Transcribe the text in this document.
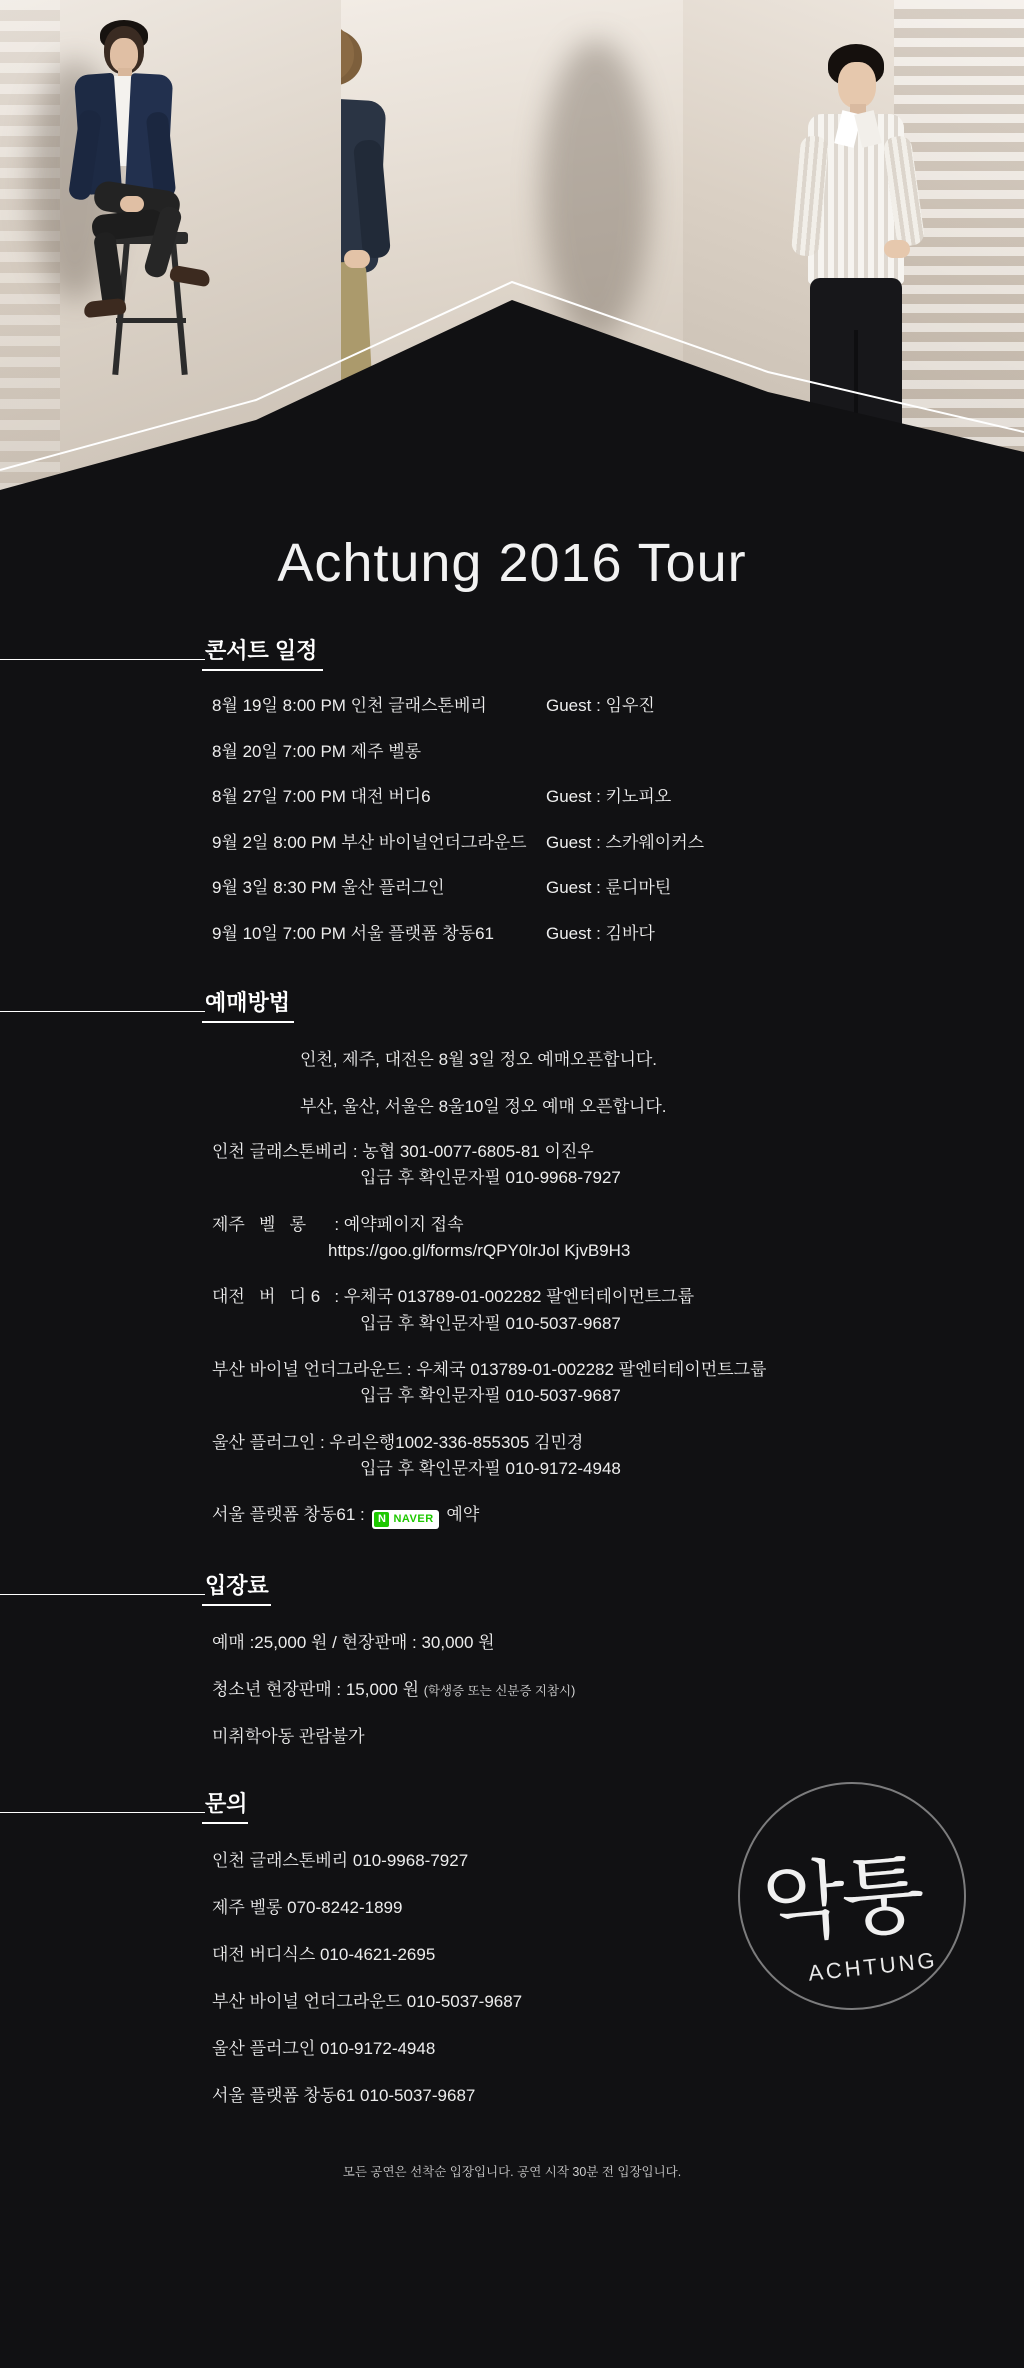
Achtung 2016 Tour
콘서트 일정
8월 19일 8:00 PM 인천 글래스톤베리	Guest : 임우진
8월 20일 7:00 PM 제주 벨롱
8월 27일 7:00 PM 대전 버디6	Guest : 키노피오
9월 2일 8:00 PM 부산 바이널언더그라운드	Guest : 스카웨이커스
9월 3일 8:30 PM 울산 플러그인	Guest : 룬디마틴
9월 10일 7:00 PM 서울 플랫폼 창동61	Guest : 김바다
예매방법
인천, 제주, 대전은 8월 3일 정오 예매오픈합니다.
부산, 울산, 서울은 8울10일 정오 예매 오픈합니다.
인천 글래스톤베리 : 농협 301-0077-6805-81 이진우
입금 후 확인문자필 010-9968-7927
제주   벨   롱      : 예약페이지 접속
https://goo.gl/forms/rQPY0lrJol KjvB9H3
대전   버   디 6   : 우체국 013789-01-002282 팔엔터테이먼트그룹
입금 후 확인문자필 010-5037-9687
부산 바이널 언더그라운드 : 우체국 013789-01-002282 팔엔터테이먼트그룹
입금 후 확인문자필 010-5037-9687
울산 플러그인 : 우리은행1002-336-855305 김민경
입금 후 확인문자필 010-9172-4948
서울 플랫폼 창동61 : N NAVER 예약
입장료
예매 :25,000 원 / 현장판매 : 30,000 원
청소년 현장판매 : 15,000 원 (학생증 또는 신분증 지참시)
미취학아동 관람불가
문의
인천 글래스톤베리 010-9968-7927
제주 벨롱 070-8242-1899
대전 버디식스 010-4621-2695
부산 바이널 언더그라운드 010-5037-9687
울산 플러그인 010-9172-4948
서울 플랫폼 창동61 010-5037-9687
악퉁
ACHTUNG
모든 공연은 선착순 입장입니다. 공연 시작 30분 전 입장입니다.
